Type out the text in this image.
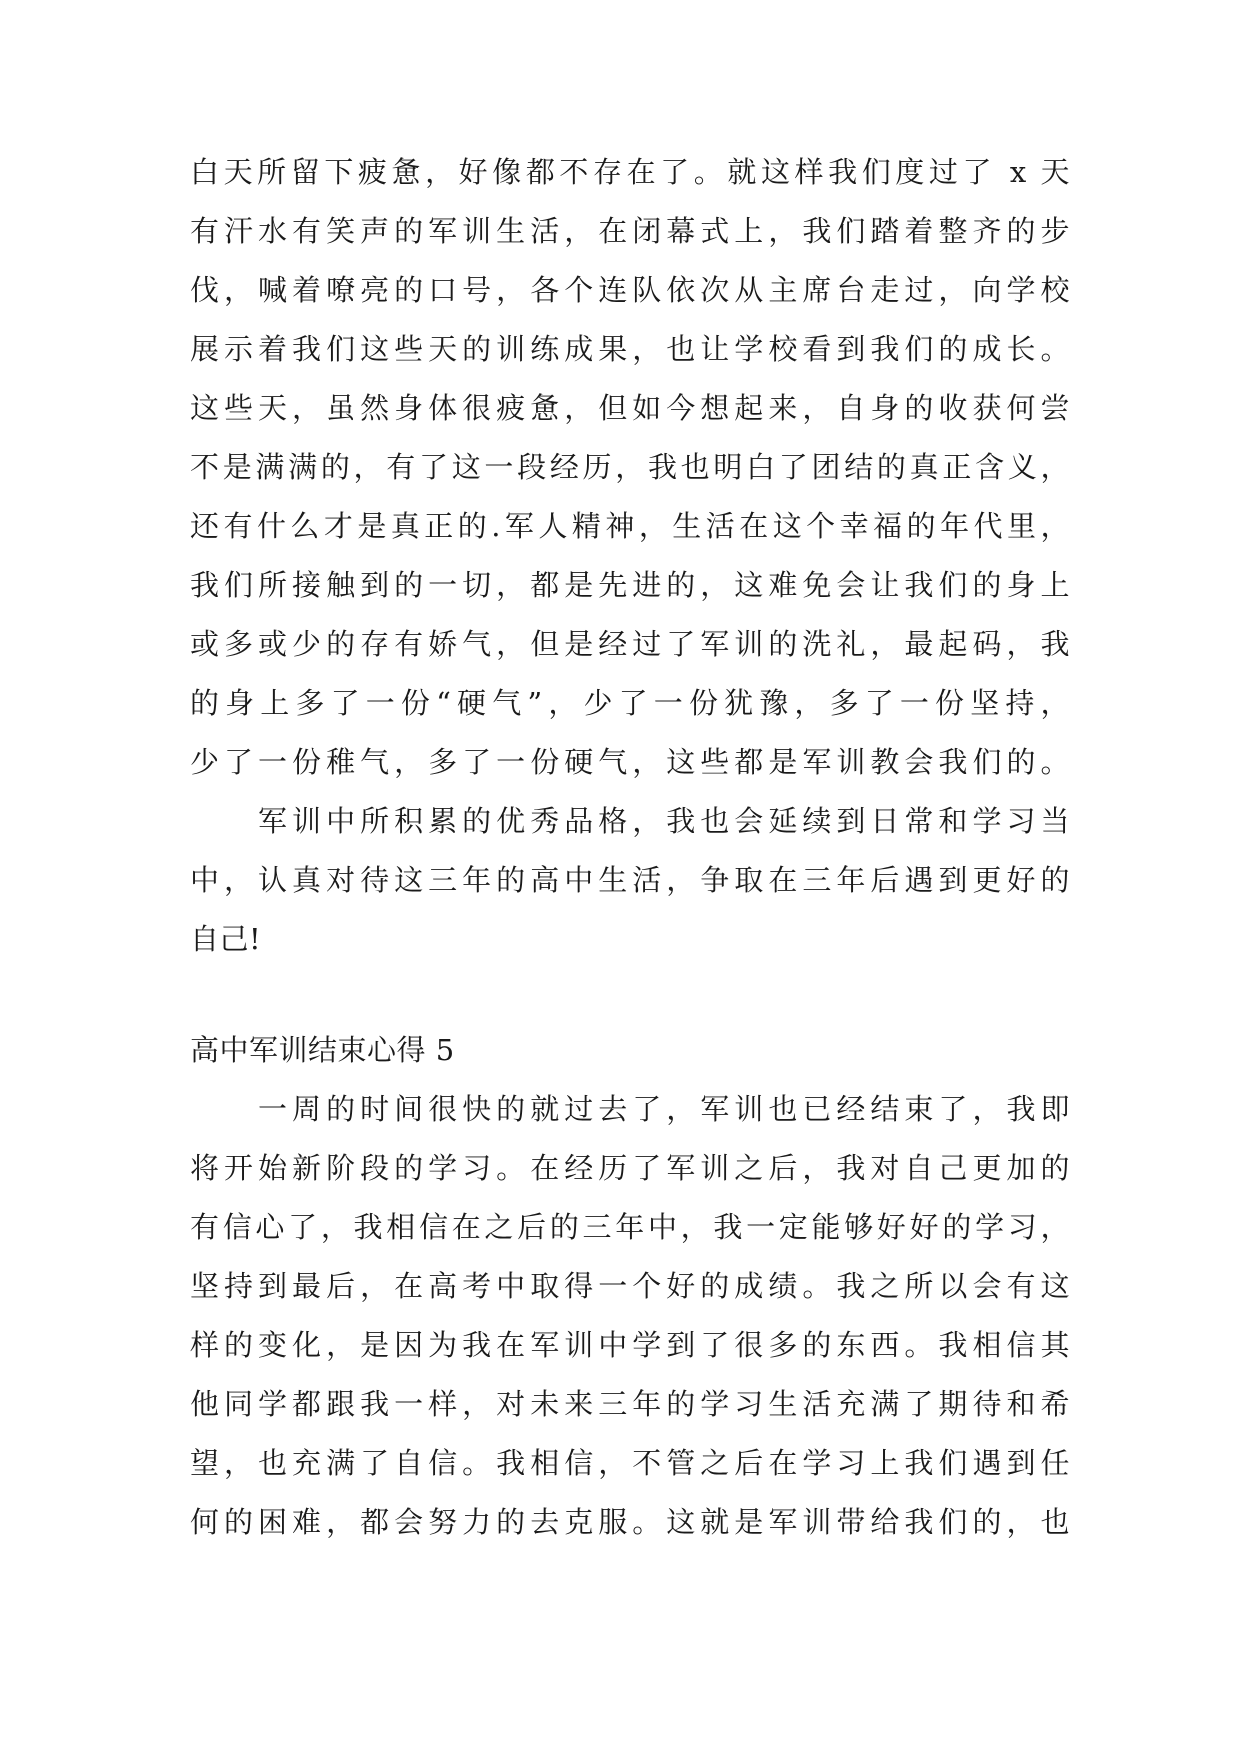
白天所留下疲惫，好像都不存在了。就这样我们度过了 x 天
有汗水有笑声的军训生活，在闭幕式上，我们踏着整齐的步
伐，喊着嘹亮的口号，各个连队依次从主席台走过，向学校
展示着我们这些天的训练成果，也让学校看到我们的成长。
这些天，虽然身体很疲惫，但如今想起来，自身的收获何尝
不是满满的，有了这一段经历，我也明白了团结的真正含义，
还有什么才是真正的.军人精神，生活在这个幸福的年代里，
我们所接触到的一切，都是先进的，这难免会让我们的身上
或多或少的存有娇气，但是经过了军训的洗礼，最起码，我
的身上多了一份“硬气”，少了一份犹豫，多了一份坚持，
少了一份稚气，多了一份硬气，这些都是军训教会我们的。
　　军训中所积累的优秀品格，我也会延续到日常和学习当
中，认真对待这三年的高中生活，争取在三年后遇到更好的
自己!
高中军训结束心得 5
　　一周的时间很快的就过去了，军训也已经结束了，我即
将开始新阶段的学习。在经历了军训之后，我对自己更加的
有信心了，我相信在之后的三年中，我一定能够好好的学习，
坚持到最后，在高考中取得一个好的成绩。我之所以会有这
样的变化，是因为我在军训中学到了很多的东西。我相信其
他同学都跟我一样，对未来三年的学习生活充满了期待和希
望，也充满了自信。我相信，不管之后在学习上我们遇到任
何的困难，都会努力的去克服。这就是军训带给我们的，也
